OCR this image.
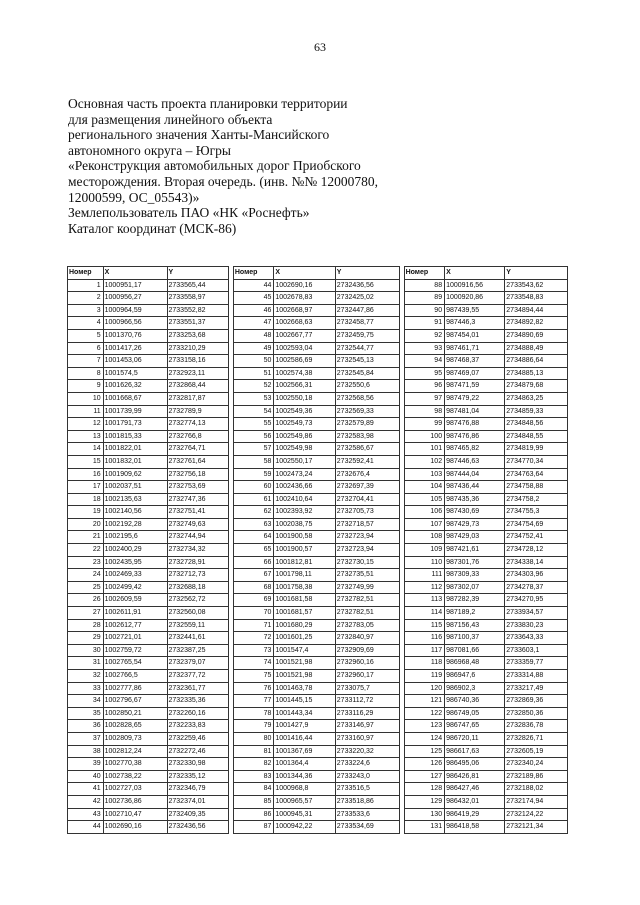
63
Основная часть проекта планировки территории
для размещения линейного объекта
регионального значения Ханты-Мансийского
автономного округа – Югры
«Реконструкция автомобильных дорог Приобского
месторождения. Вторая очередь. (инв. №№ 12000780,
12000599, ОС_05543)»
Землепользователь ПАО «НК «Роснефть»
Каталог координат (МСК-86)
Номер	X	Y		Номер	X	Y		Номер	X	Y
1	1000951,17	2733565,44		44	1002690,16	2732436,56		88	1000916,56	2733543,62
2	1000956,27	2733558,97		45	1002678,83	2732425,02		89	1000920,86	2733548,83
3	1000964,59	2733552,82		46	1002668,97	2732447,86		90	987439,55	2734894,44
4	1000966,56	2733551,37		47	1002668,63	2732458,77		91	987446,3	2734892,82
5	1001370,76	2733253,68		48	1002667,77	2732459,75		92	987454,01	2734890,69
6	1001417,26	2733210,29		49	1002593,04	2732544,77		93	987461,71	2734888,49
7	1001453,06	2733158,16		50	1002586,69	2732545,13		94	987468,37	2734886,64
8	1001574,5	2732923,11		51	1002574,38	2732545,84		95	987469,07	2734885,13
9	1001626,32	2732868,44		52	1002566,31	2732550,6		96	987471,59	2734879,68
10	1001668,67	2732817,87		53	1002550,18	2732568,56		97	987479,22	2734863,25
11	1001739,99	2732789,9		54	1002549,36	2732569,33		98	987481,04	2734859,33
12	1001791,73	2732774,13		55	1002549,73	2732579,89		99	987476,88	2734848,56
13	1001815,33	2732766,8		56	1002549,86	2732583,98		100	987476,86	2734848,55
14	1001822,01	2732764,71		57	1002549,98	2732586,67		101	987465,82	2734819,99
15	1001832,01	2732761,64		58	1002550,17	2732592,41		102	987446,63	2734770,34
16	1001909,62	2732756,18		59	1002473,24	2732676,4		103	987444,04	2734763,64
17	1002037,51	2732753,69		60	1002436,66	2732697,39		104	987436,44	2734758,88
18	1002135,63	2732747,36		61	1002410,64	2732704,41		105	987435,36	2734758,2
19	1002140,56	2732751,41		62	1002393,92	2732705,73		106	987430,69	2734755,3
20	1002192,28	2732749,63		63	1002038,75	2732718,57		107	987429,73	2734754,69
21	1002195,6	2732744,94		64	1001900,58	2732723,94		108	987429,03	2734752,41
22	1002400,29	2732734,32		65	1001900,57	2732723,94		109	987421,61	2734728,12
23	1002435,95	2732728,91		66	1001812,81	2732730,15		110	987301,76	2734338,14
24	1002469,33	2732712,73		67	1001798,11	2732735,51		111	987309,33	2734303,96
25	1002499,42	2732688,18		68	1001758,38	2732749,99		112	987302,07	2734278,37
26	1002609,59	2732562,72		69	1001681,58	2732782,51		113	987282,39	2734270,95
27	1002611,91	2732560,08		70	1001681,57	2732782,51		114	987189,2	2733934,57
28	1002612,77	2732559,11		71	1001680,29	2732783,05		115	987156,43	2733830,23
29	1002721,01	2732441,61		72	1001601,25	2732840,97		116	987100,37	2733643,33
30	1002759,72	2732387,25		73	1001547,4	2732909,69		117	987081,66	2733603,1
31	1002765,54	2732379,07		74	1001521,98	2732960,16		118	986968,48	2733359,77
32	1002766,5	2732377,72		75	1001521,98	2732960,17		119	986947,6	2733314,88
33	1002777,86	2732361,77		76	1001463,78	2733075,7		120	986902,3	2733217,49
34	1002796,67	2732335,36		77	1001445,15	2733112,72		121	986740,36	2732869,36
35	1002850,21	2732260,16		78	1001443,34	2733116,29		122	986749,05	2732850,36
36	1002828,65	2732233,83		79	1001427,9	2733146,97		123	986747,65	2732836,78
37	1002809,73	2732259,46		80	1001416,44	2733160,97		124	986720,11	2732826,71
38	1002812,24	2732272,46		81	1001367,69	2733220,32		125	986617,63	2732605,19
39	1002770,38	2732330,98		82	1001364,4	2733224,6		126	986495,06	2732340,24
40	1002738,22	2732335,12		83	1001344,36	2733243,0		127	986426,81	2732189,86
41	1002727,03	2732346,79		84	1000968,8	2733516,5		128	986427,46	2732188,02
42	1002736,86	2732374,01		85	1000965,57	2733518,86		129	986432,01	2732174,94
43	1002710,47	2732409,35		86	1000945,31	2733533,6		130	986419,29	2732124,22
44	1002690,16	2732436,56		87	1000942,22	2733534,69		131	986418,58	2732121,34
